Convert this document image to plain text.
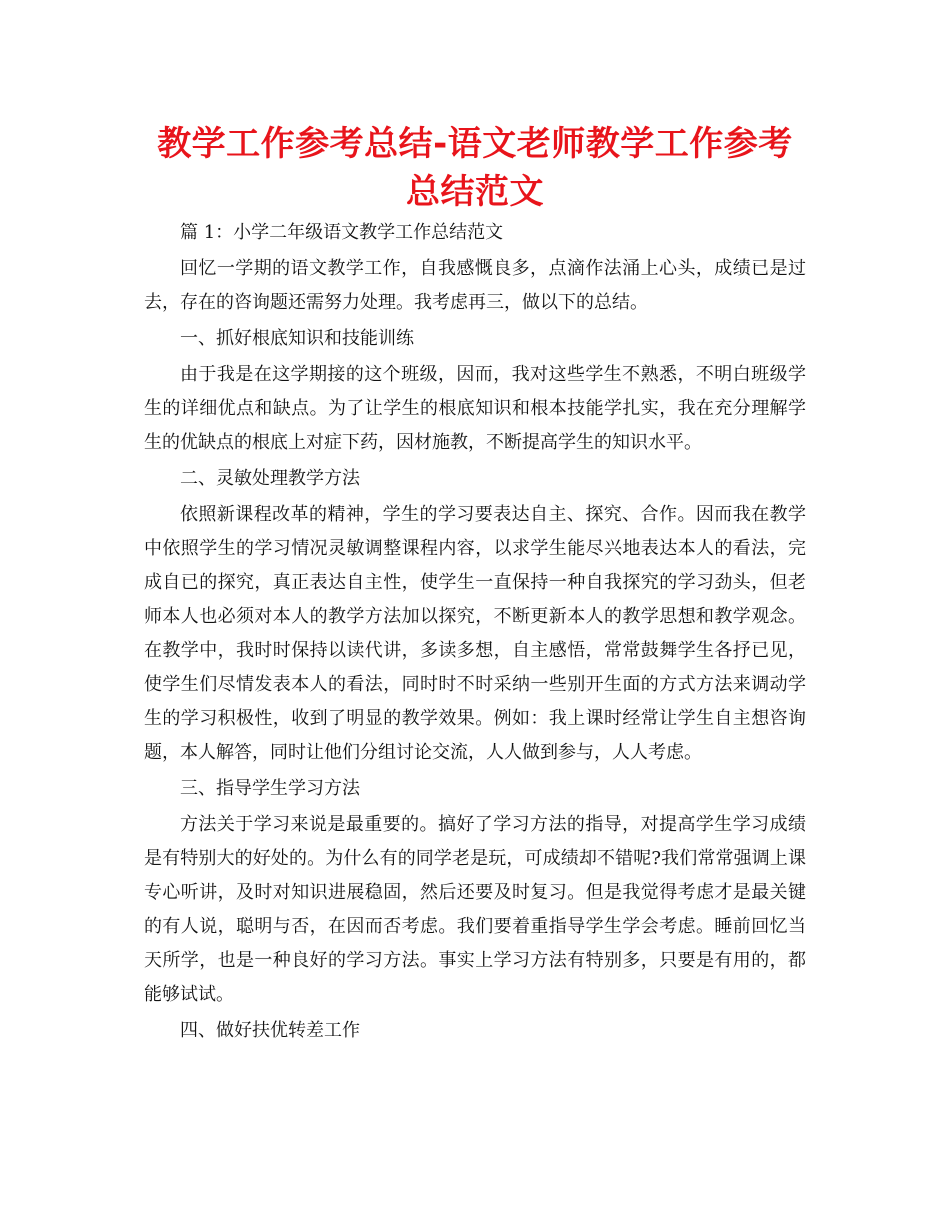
教学工作参考总结-语文老师教学工作参考总结范文

篇 1：小学二年级语文教学工作总结范文

回忆一学期的语文教学工作，自我感慨良多，点滴作法涌上心头，成绩已是过去，存在的咨询题还需努力处理。我考虑再三，做以下的总结。

一、抓好根底知识和技能训练

由于我是在这学期接的这个班级，因而，我对这些学生不熟悉，不明白班级学生的详细优点和缺点。为了让学生的根底知识和根本技能学扎实，我在充分理解学生的优缺点的根底上对症下药，因材施教，不断提高学生的知识水平。

二、灵敏处理教学方法

依照新课程改革的精神，学生的学习要表达自主、探究、合作。因而我在教学中依照学生的学习情况灵敏调整课程内容，以求学生能尽兴地表达本人的看法，完成自已的探究，真正表达自主性，使学生一直保持一种自我探究的学习劲头，但老师本人也必须对本人的教学方法加以探究，不断更新本人的教学思想和教学观念。在教学中，我时时保持以读代讲，多读多想，自主感悟，常常鼓舞学生各抒已见，使学生们尽情发表本人的看法，同时时不时采纳一些别开生面的方式方法来调动学生的学习积极性，收到了明显的教学效果。例如：我上课时经常让学生自主想咨询题，本人解答，同时让他们分组讨论交流，人人做到参与，人人考虑。

三、指导学生学习方法

方法关于学习来说是最重要的。搞好了学习方法的指导，对提高学生学习成绩是有特别大的好处的。为什么有的同学老是玩，可成绩却不错呢?我们常常强调上课专心听讲，及时对知识进展稳固，然后还要及时复习。但是我觉得考虑才是最关键的有人说，聪明与否，在因而否考虑。我们要着重指导学生学会考虑。睡前回忆当天所学，也是一种良好的学习方法。事实上学习方法有特别多，只要是有用的，都能够试试。

四、做好扶优转差工作
